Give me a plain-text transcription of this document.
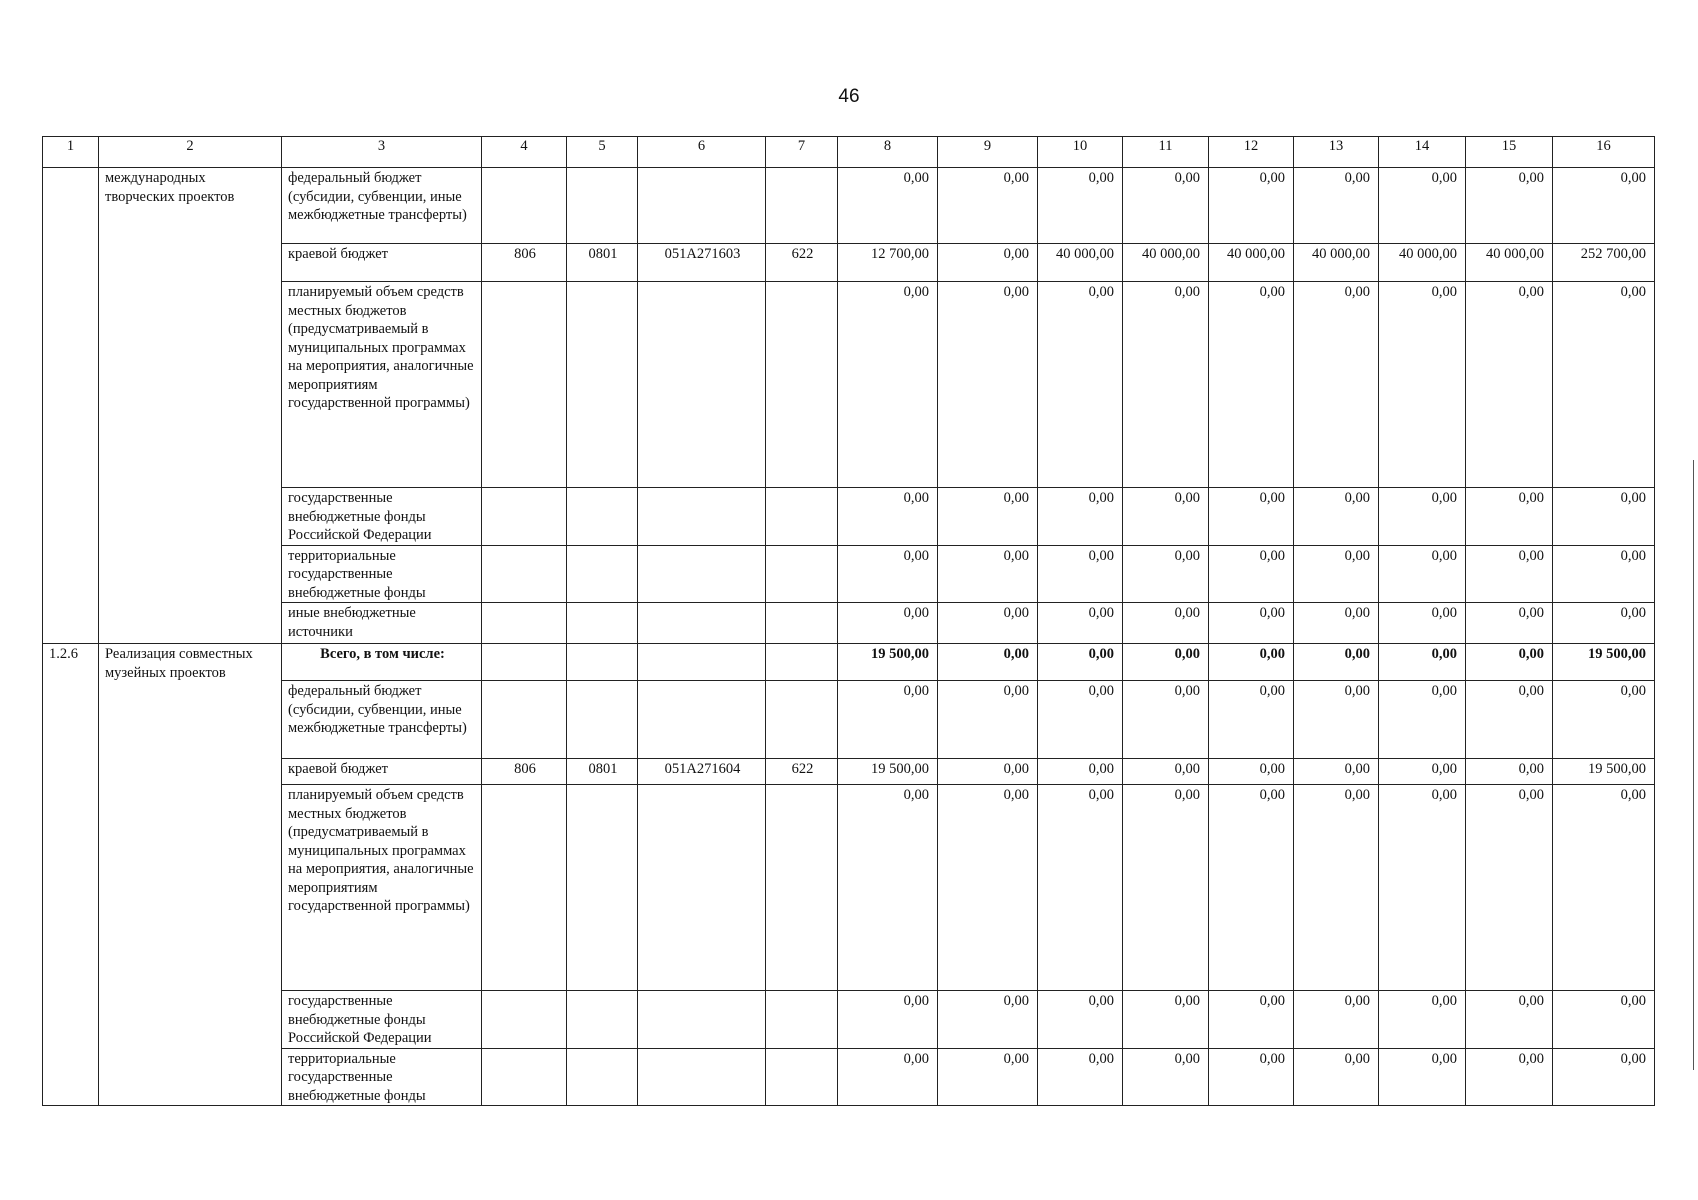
46
1	2	3	4	5	6	7	8	9	10	11	12	13	14	15	16
	международных творческих проектов	федеральный бюджет (субсидии, субвенции, иные межбюджетные трансферты)					0,00	0,00	0,00	0,00	0,00	0,00	0,00	0,00	0,00
		краевой бюджет	806	0801	051А271603	622	12 700,00	0,00	40 000,00	40 000,00	40 000,00	40 000,00	40 000,00	40 000,00	252 700,00
		планируемый объем средств местных бюджетов (предусматриваемый в муниципальных программах на мероприятия, аналогичные мероприятиям государственной программы)					0,00	0,00	0,00	0,00	0,00	0,00	0,00	0,00	0,00
		государственные внебюджетные фонды Российской Федерации					0,00	0,00	0,00	0,00	0,00	0,00	0,00	0,00	0,00
		территориальные государственные внебюджетные фонды					0,00	0,00	0,00	0,00	0,00	0,00	0,00	0,00	0,00
		иные внебюджетные источники					0,00	0,00	0,00	0,00	0,00	0,00	0,00	0,00	0,00
1.2.6	Реализация совместных музейных проектов	Всего, в том числе:					19 500,00	0,00	0,00	0,00	0,00	0,00	0,00	0,00	19 500,00
		федеральный бюджет (субсидии, субвенции, иные межбюджетные трансферты)					0,00	0,00	0,00	0,00	0,00	0,00	0,00	0,00	0,00
		краевой бюджет	806	0801	051А271604	622	19 500,00	0,00	0,00	0,00	0,00	0,00	0,00	0,00	19 500,00
		планируемый объем средств местных бюджетов (предусматриваемый в муниципальных программах на мероприятия, аналогичные мероприятиям государственной программы)					0,00	0,00	0,00	0,00	0,00	0,00	0,00	0,00	0,00
		государственные внебюджетные фонды Российской Федерации					0,00	0,00	0,00	0,00	0,00	0,00	0,00	0,00	0,00
		территориальные государственные внебюджетные фонды					0,00	0,00	0,00	0,00	0,00	0,00	0,00	0,00	0,00
